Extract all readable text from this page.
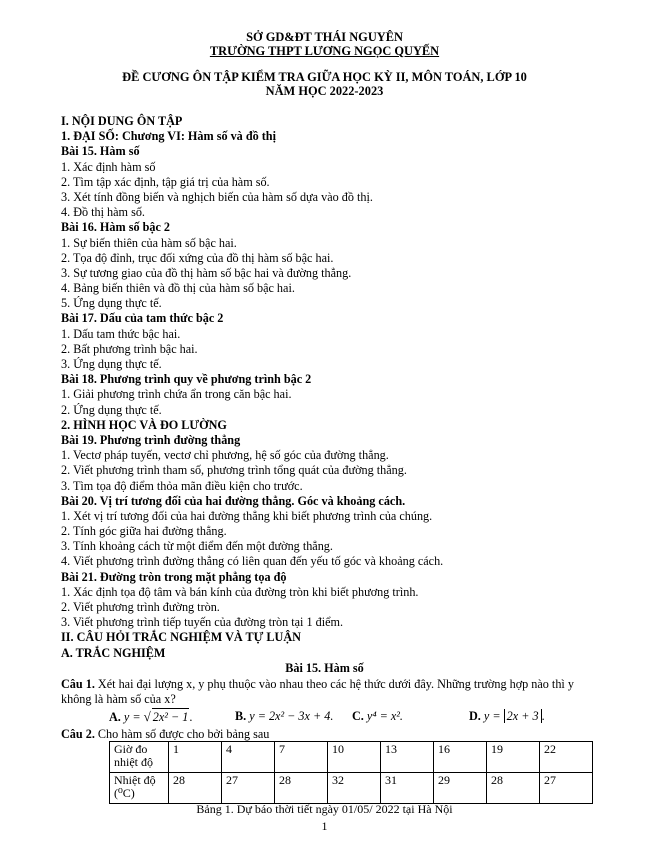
SỞ GD&ĐT THÁI NGUYÊN
TRƯỜNG THPT LƯƠNG NGỌC QUYẾN
ĐỀ CƯƠNG ÔN TẬP KIỂM TRA GIỮA HỌC KỲ II, MÔN TOÁN, LỚP 10
NĂM HỌC 2022-2023
I. NỘI DUNG ÔN TẬP
1. ĐẠI SỐ: Chương VI: Hàm số và đồ thị
Bài 15. Hàm số
1. Xác định hàm số
2. Tìm tập xác định, tập giá trị của hàm số.
3. Xét tính đồng biến và nghịch biến của hàm số dựa vào đồ thị.
4. Đồ thị hàm số.
Bài 16. Hàm số bậc 2
1. Sự biến thiên của hàm số bậc hai.
2. Tọa độ đỉnh, trục đối xứng của đồ thị hàm số bậc hai.
3. Sự tương giao của đồ thị hàm số bậc hai và đường thẳng.
4. Bảng biến thiên và đồ thị của hàm số bậc hai.
5. Ứng dụng thực tế.
Bài 17. Dấu của tam thức bậc 2
1. Dấu tam thức bậc hai.
2. Bất phương trình bậc hai.
3. Ứng dụng thực tế.
Bài 18. Phương trình quy về phương trình bậc 2
1. Giải phương trình chứa ẩn trong căn bậc hai.
2. Ứng dụng thực tế.
2. HÌNH HỌC VÀ ĐO LƯỜNG
Bài 19. Phương trình đường thẳng
1. Vectơ pháp tuyến, vectơ chỉ phương, hệ số góc của đường thẳng.
2. Viết phương trình tham số, phương trình tổng quát của đường thẳng.
3. Tìm tọa độ điểm thỏa mãn điều kiện cho trước.
Bài 20. Vị trí tương đối của hai đường thẳng. Góc và khoảng cách.
1. Xét vị trí tương đối của hai đường thẳng khi biết phương trình của chúng.
2. Tính góc giữa hai đường thẳng.
3. Tính khoảng cách từ một điểm đến một đường thẳng.
4. Viết phương trình đường thẳng có liên quan đến yếu tố góc và khoảng cách.
Bài 21. Đường tròn trong mặt phẳng tọa độ
1. Xác định tọa độ tâm và bán kính của đường tròn khi biết phương trình.
2. Viết phương trình đường tròn.
3. Viết phương trình tiếp tuyến của đường tròn tại 1 điểm.
II. CÂU HỎI TRẮC NGHIỆM VÀ TỰ LUẬN
A. TRẮC NGHIỆM
Bài 15. Hàm số
Câu 1. Xét hai đại lượng x, y phụ thuộc vào nhau theo các hệ thức dưới đây. Những trường hợp nào thì y
không là hàm số của x?
A. y = √ 2x² − 1.	B. y = 2x² − 3x + 4. C. y⁴ = x².	D. y = 2x + 3 .
Câu 2. Cho hàm số được cho bởi bảng sau
Giờ đo nhiệt độ	1	4	7	10	13	16	19	22
Nhiệt độ (⁰C)	28	27	28	32	31	29	28	27
Bảng 1. Dự báo thời tiết ngày 01/05/ 2022 tại Hà Nội
1
